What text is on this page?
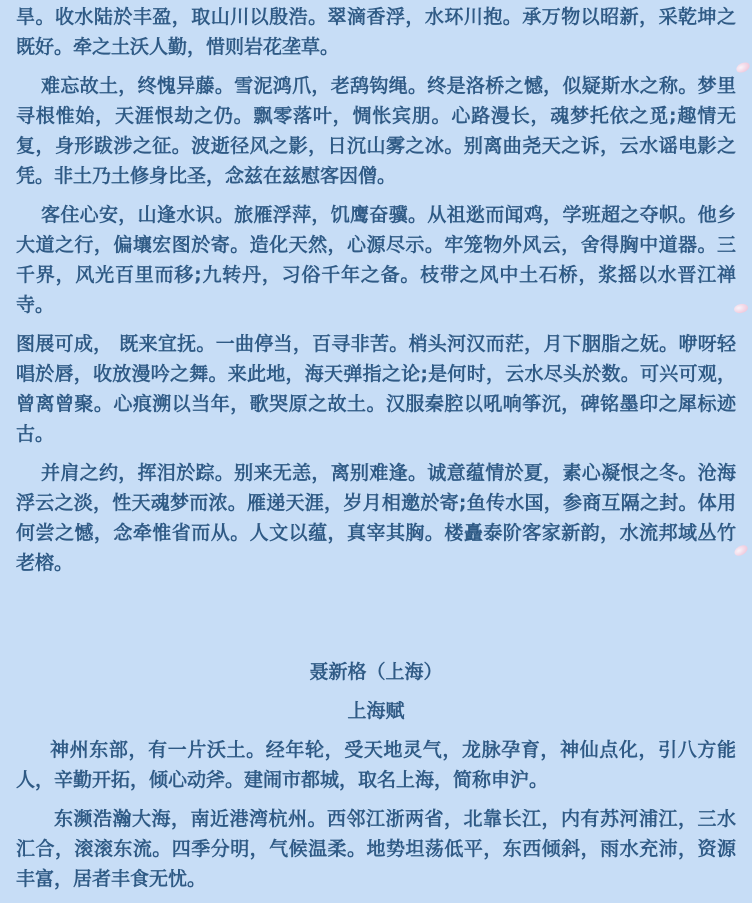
旱。收水陆於丰盈，取山川以殷浩。翠滴香浮，水环川抱。承万物以昭新，采乾坤之既好。牵之土沃人勤，惜则岩花垄草。

难忘故土，终愧异藤。雪泥鸿爪，老鸹钩绳。终是洛桥之憾，似疑斯水之称。梦里寻根惟始，天涯恨劫之仍。飘零落叶，惆怅宾朋。心路漫长，魂梦托依之觅;趣情无复，身形跋涉之征。波逝径风之影，日沉山雾之冰。别离曲尧天之诉，云水谣电影之凭。非土乃土修身比圣，念兹在兹慰客因僧。

客住心安，山逢水识。旅雁浮萍，饥鹰奋骥。从祖逖而闻鸡，学班超之夺帜。他乡大道之行，偏壤宏图於寄。造化天然，心源尽示。牢笼物外风云，舍得胸中道器。三千界，风光百里而移;九转丹，习俗千年之备。枝带之风中土石桥，浆摇以水晋江禅寺。

图展可成， 既来宜抚。一曲停当，百寻非苦。梢头河汉而茫，月下胭脂之妩。咿呀轻唱於唇，收放漫吟之舞。来此地，海天弹指之论;是何时，云水尽头於数。可兴可观，曾离曾聚。心痕溯以当年，歌哭原之故土。汉服秦腔以吼响筝沉，碑铭墨印之犀标迹古。

并肩之约，挥泪於踪。别来无恙，离别难逢。诚意蕴情於夏，素心凝恨之冬。沧海浮云之淡，性天魂梦而浓。雁递天涯，岁月相邀於寄;鱼传水国，参商互隔之封。体用何尝之憾，念牵惟省而从。人文以蕴，真宰其胸。楼矗泰阶客家新韵，水流邦域丛竹老榕。

聂新格（上海）
上海赋

神州东部，有一片沃土。经年轮，受天地灵气，龙脉孕育，神仙点化，引八方能人，辛勤开拓，倾心动斧。建闹市都城，取名上海，简称申沪。

东濒浩瀚大海，南近港湾杭州。西邻江浙两省，北靠长江，内有苏河浦江，三水汇合，滚滚东流。四季分明，气候温柔。地势坦荡低平，东西倾斜，雨水充沛，资源丰富，居者丰食无忧。
